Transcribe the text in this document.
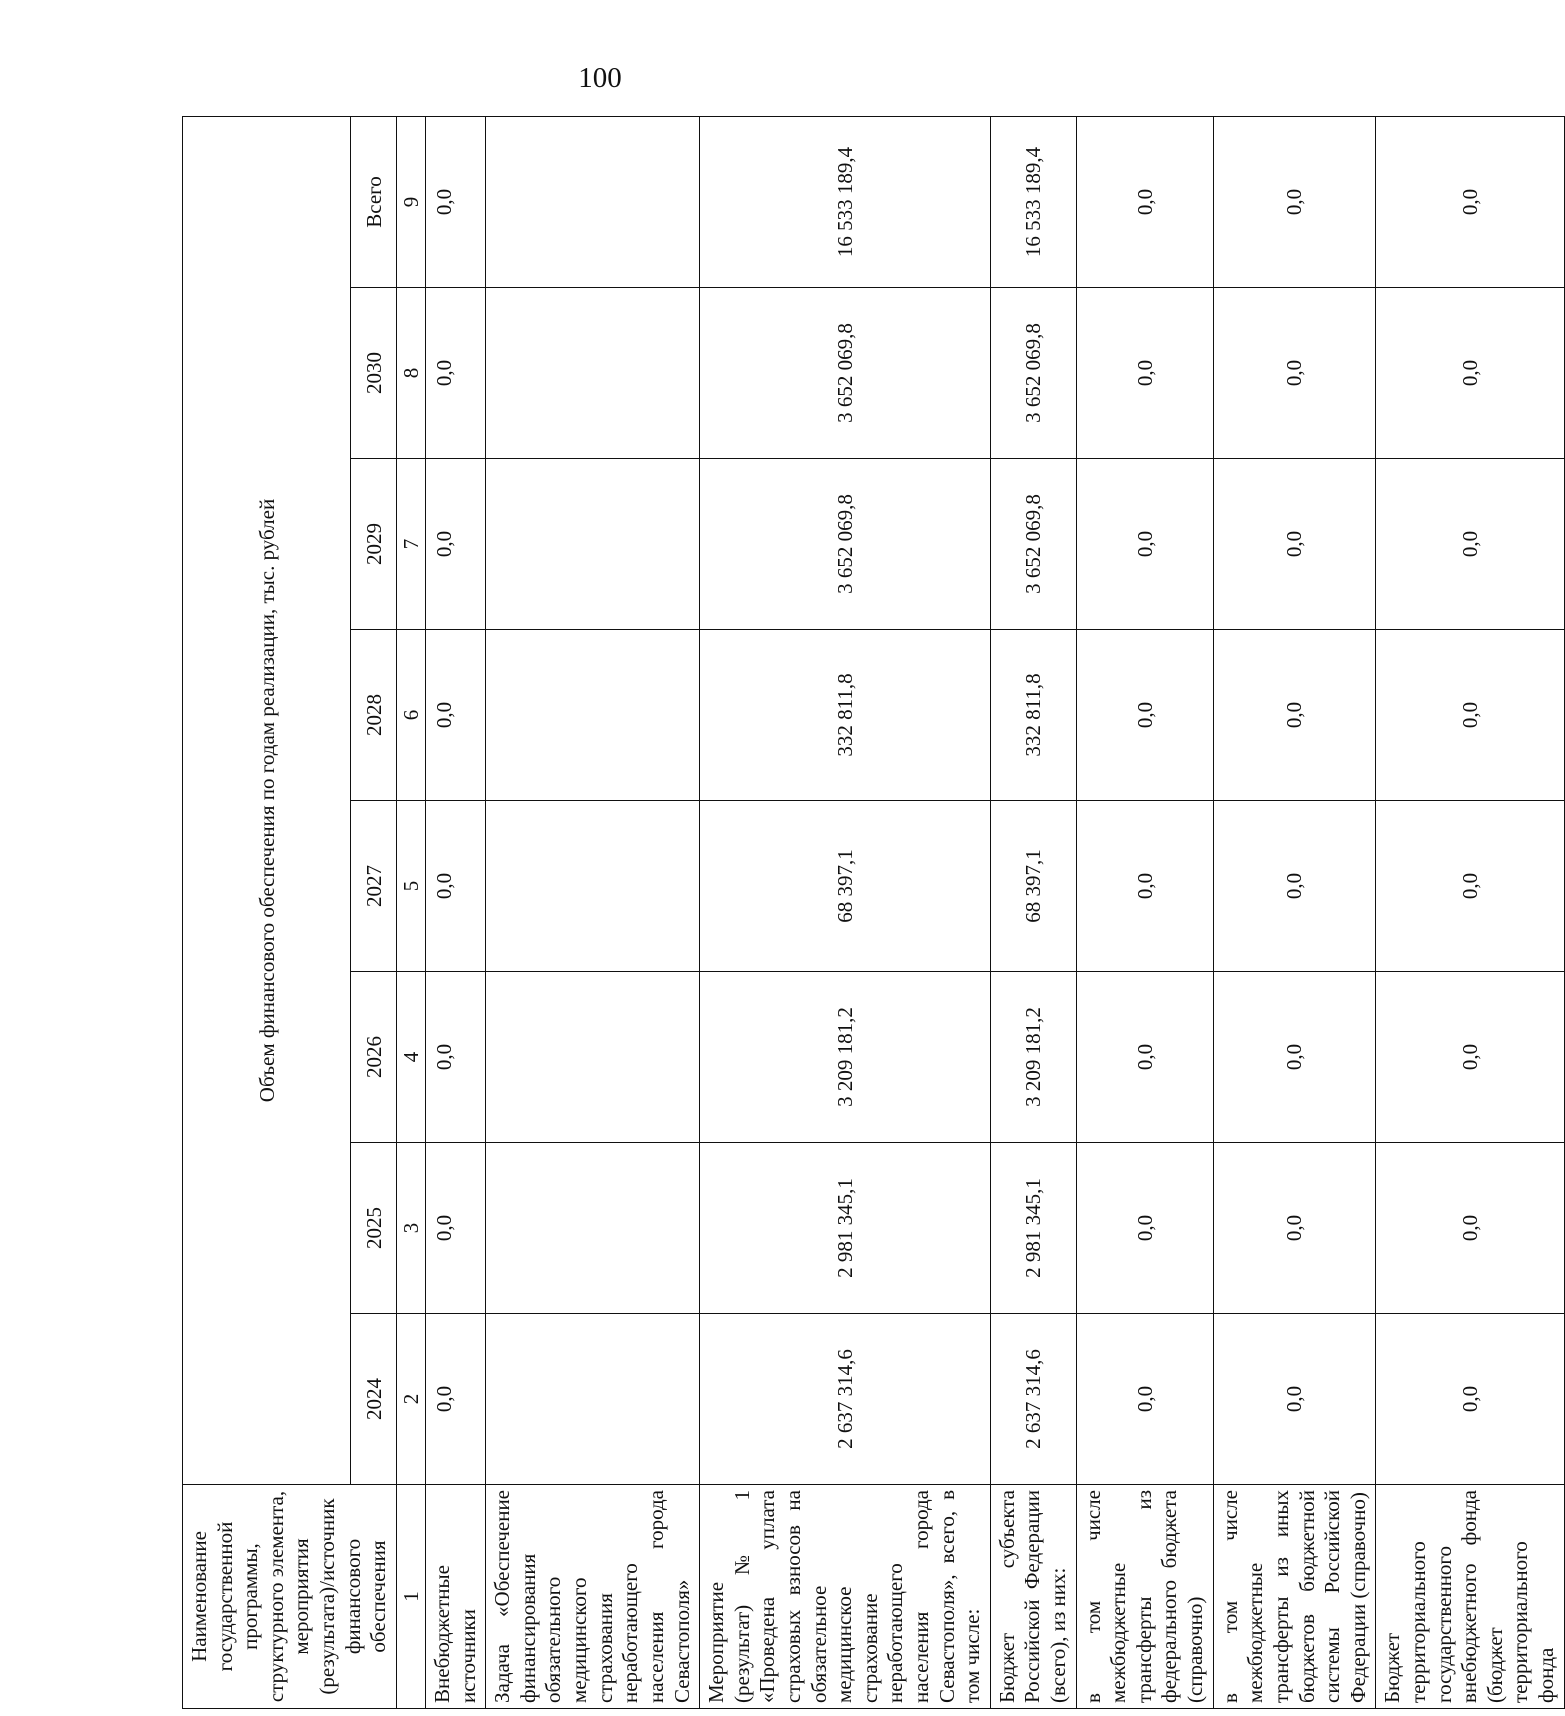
100
Наименование государственной программы, структурного элемента, мероприятия (результата)/источник финансового обеспечения	Объем финансового обеспечения по годам реализации, тыс. рублей							
	2024	2025	2026	2027	2028	2029	2030	Всего
1	2	3	4	5	6	7	8	9
Внебюджетные источники	0,0	0,0	0,0	0,0	0,0	0,0	0,0	0,0
Задача «Обеспечение финансирования обязательного медицинского страхования неработающего населения города Севастополя»								
Мероприятие (результат) № 1 «Проведена уплата страховых взносов на обязательное медицинское страхование неработающего населения города Севастополя», всего, в том числе:	2 637 314,6	2 981 345,1	3 209 181,2	68 397,1	332 811,8	3 652 069,8	3 652 069,8	16 533 189,4
Бюджет субъекта Российской Федерации (всего), из них:	2 637 314,6	2 981 345,1	3 209 181,2	68 397,1	332 811,8	3 652 069,8	3 652 069,8	16 533 189,4
в том числе межбюджетные трансферты из федерального бюджета (справочно)	0,0	0,0	0,0	0,0	0,0	0,0	0,0	0,0
в том числе межбюджетные трансферты из иных бюджетов бюджетной системы Российской Федерации (справочно)	0,0	0,0	0,0	0,0	0,0	0,0	0,0	0,0
Бюджет территориального государственного внебюджетного фонда (бюджет территориального фонда	0,0	0,0	0,0	0,0	0,0	0,0	0,0	0,0
